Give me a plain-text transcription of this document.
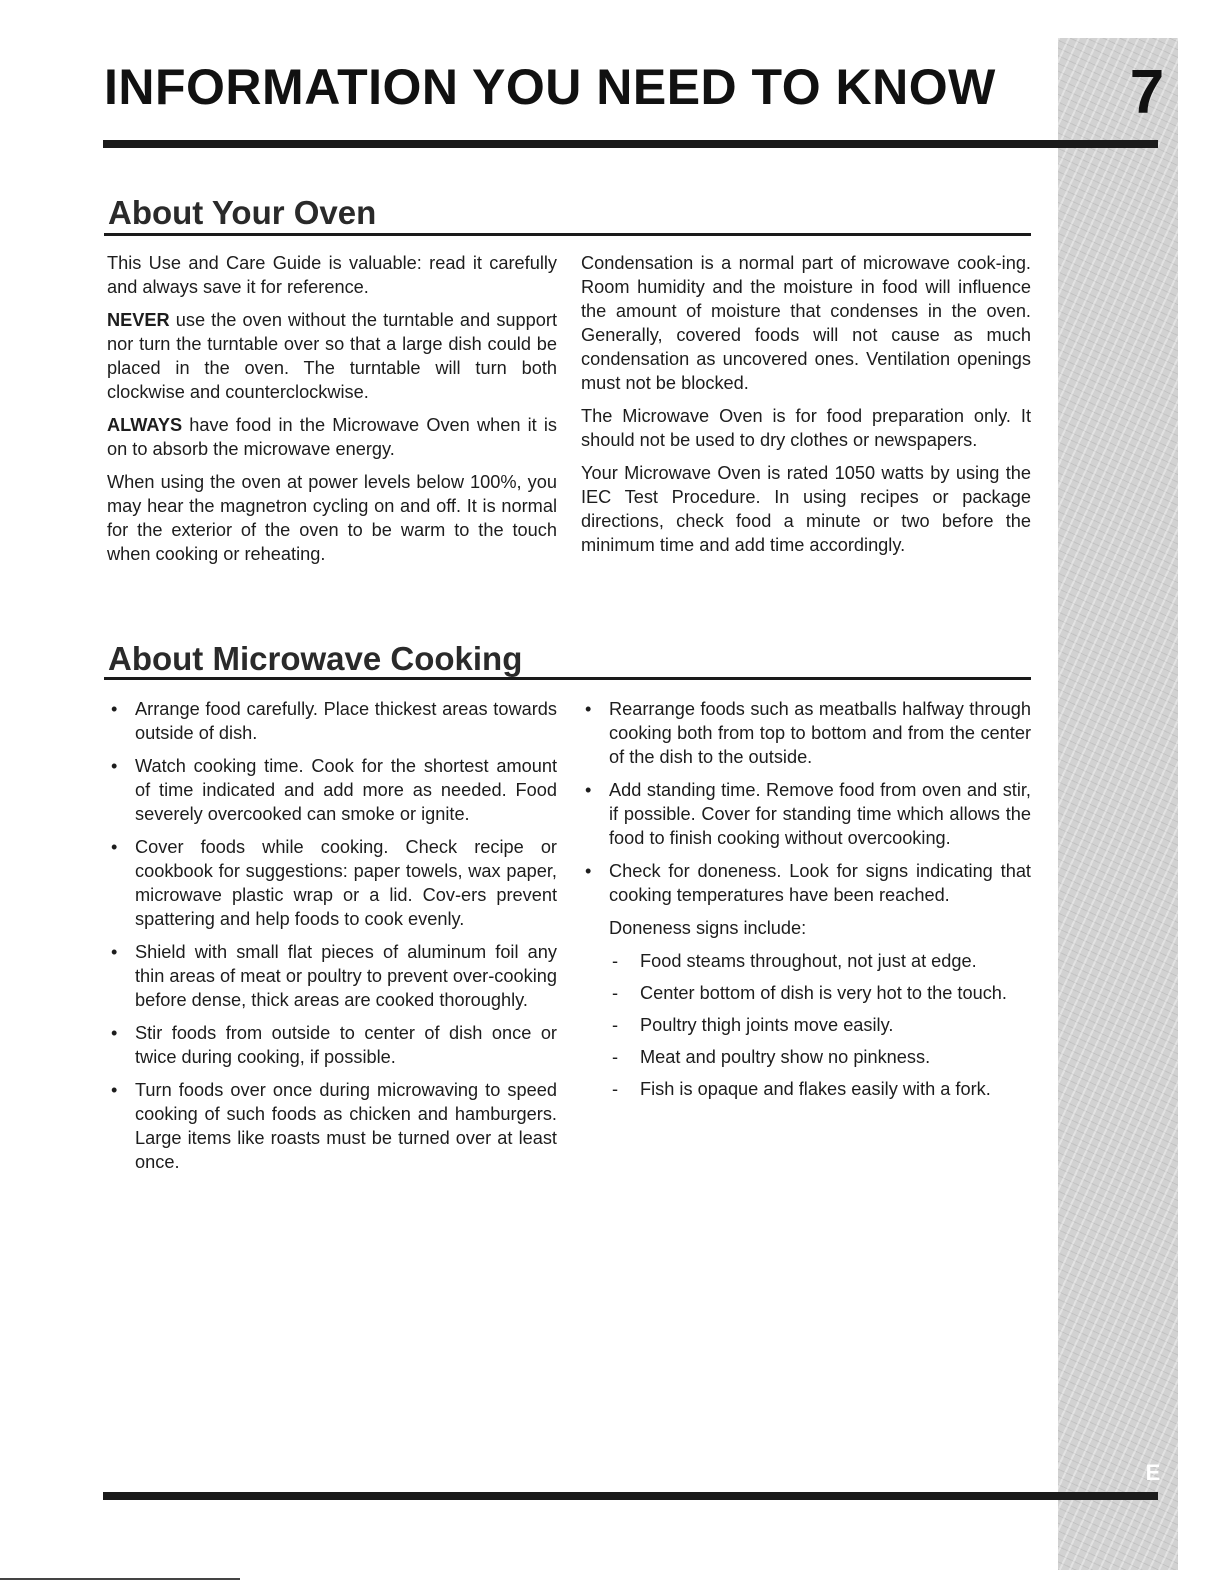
7
E
INFORMATION YOU NEED TO KNOW
About Your Oven

This Use and Care Guide is valuable: read it carefully and always save it for reference.

NEVER use the oven without the turntable and support nor turn the turntable over so that a large dish could be placed in the oven. The turntable will turn both clockwise and counterclockwise.

ALWAYS have food in the Microwave Oven when it is on to absorb the microwave energy.

When using the oven at power levels below 100%, you may hear the magnetron cycling on and off. It is normal for the exterior of the oven to be warm to the touch when cooking or reheating.

Condensation is a normal part of microwave cook-ing. Room humidity and the moisture in food will influence the amount of moisture that condenses in the oven. Generally, covered foods will not cause as much condensation as uncovered ones. Ventilation openings must not be blocked.

The Microwave Oven is for food preparation only. It should not be used to dry clothes or newspapers.

Your Microwave Oven is rated 1050 watts by using the IEC Test Procedure. In using recipes or package directions, check food a minute or two before the minimum time and add time accordingly.

About Microwave Cooking
• Arrange food carefully. Place thickest areas towards outside of dish.
• Watch cooking time. Cook for the shortest amount of time indicated and add more as needed. Food severely overcooked can smoke or ignite.
• Cover foods while cooking. Check recipe or cookbook for suggestions: paper towels, wax paper, microwave plastic wrap or a lid. Cov-ers prevent spattering and help foods to cook evenly.
• Shield with small flat pieces of aluminum foil any thin areas of meat or poultry to prevent over-cooking before dense, thick areas are cooked thoroughly.
• Stir foods from outside to center of dish once or twice during cooking, if possible.
• Turn foods over once during microwaving to speed cooking of such foods as chicken and hamburgers. Large items like roasts must be turned over at least once.
• Rearrange foods such as meatballs halfway through cooking both from top to bottom and from the center of the dish to the outside.
• Add standing time. Remove food from oven and stir, if possible. Cover for standing time which allows the food to finish cooking without overcooking.
• Check for doneness. Look for signs indicating that cooking temperatures have been reached.

Doneness signs include:

- Food steams throughout, not just at edge.
- Center bottom of dish is very hot to the touch.
- Poultry thigh joints move easily.
- Meat and poultry show no pinkness.
- Fish is opaque and flakes easily with a fork.
